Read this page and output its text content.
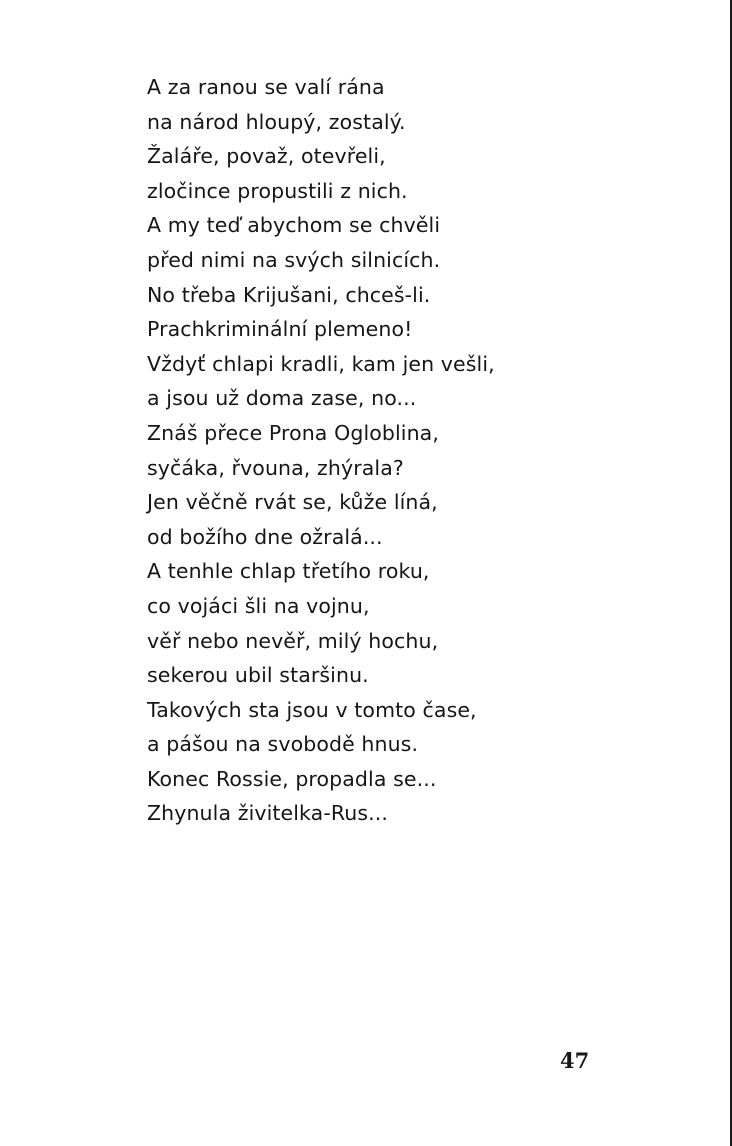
A za ranou se valí rána
na národ hloupý, zostalý.
Žaláře, považ, otevřeli,
zločince propustili z nich.
A my teď abychom se chvěli
před nimi na svých silnicích.
No třeba Krijušani, chceš-li.
Prachkriminální plemeno!
Vždyť chlapi kradli, kam jen vešli,
a jsou už doma zase, no...
Znáš přece Prona Ogloblina,
syčáka, řvouna, zhýrala?
Jen věčně rvát se, kůže líná,
od božího dne ožralá...
A tenhle chlap třetího roku,
co vojáci šli na vojnu,
věř nebo nevěř, milý hochu,
sekerou ubil staršinu.
Takových sta jsou v tomto čase,
a pášou na svobodě hnus.
Konec Rossie, propadla se...
Zhynula živitelka-Rus...
47
